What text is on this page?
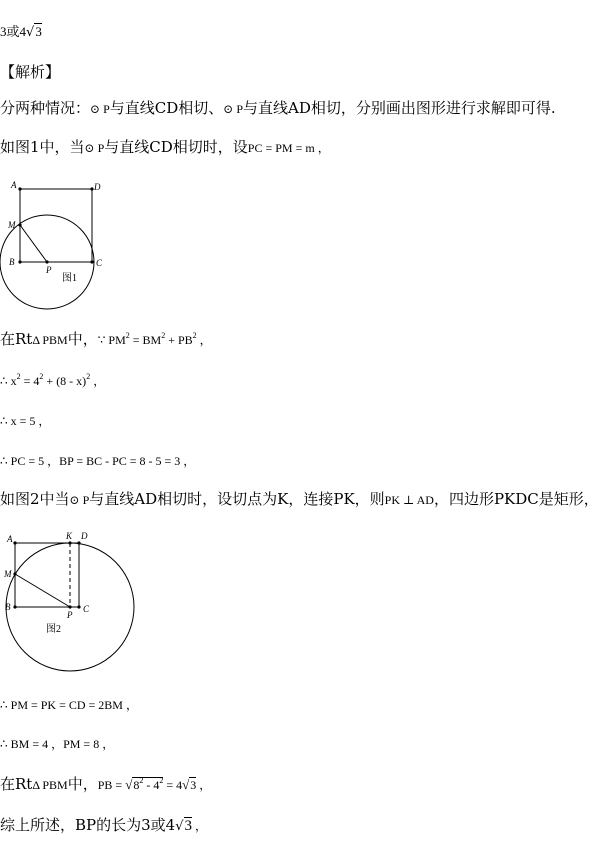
3或4√3
【解析】
分两种情况：⊙ P与直线CD相切、⊙ P与直线AD相切，分别画出图形进行求解即可得.
如图1中，当⊙ P与直线CD相切时，设PC = PM = m ，
A	D
M
B
P
C
图1
在RtΔ PBM中，∵ $PM^2 = BM^2 + PB^2$ ，
∴ $x^2 = 4^2 + (8 - x)^2$ ，
∴ x = 5 ，
∴ PC = 5 ，BP = BC - PC = 8 - 5 = 3 ，
如图2中当⊙ P与直线AD相切时，设切点为K，连接PK，则PK ⊥ AD，四边形PKDC是矩形，
A	K D
M
B
P
C
图2
∴ PM = PK = CD = 2BM ，
∴ BM = 4 ，PM = 8 ，
在RtΔ PBM中，PB = $√8^2 - 4^2 = 4√3$ ，
综上所述，BP的长为3或4√3 ，
